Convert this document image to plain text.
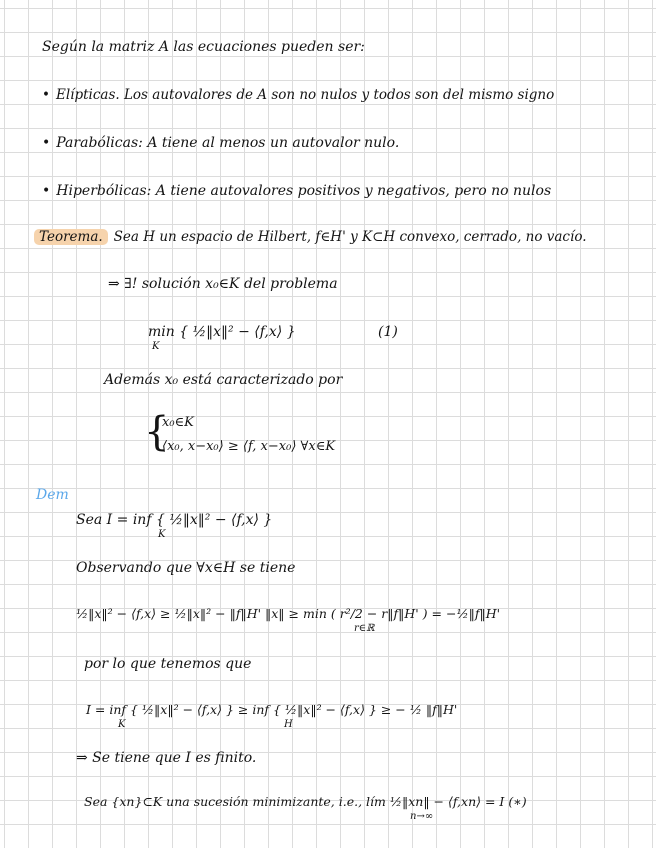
Según la matriz A las ecuaciones pueden ser:
• Elípticas. Los autovalores de A son no nulos y todos son del mismo signo
• Parabólicas: A tiene al menos un autovalor nulo.
• Hiperbólicas: A tiene autovalores positivos y negativos, pero no nulos
Teorema. Sea H un espacio de Hilbert, f∈H' y K⊂H convexo, cerrado, no vacío.
⇒ ∃! solución x₀∈K del problema
min { ½‖x‖² − ⟨f,x⟩ }
K
(1)
Además x₀ está caracterizado por
{
x₀∈K
⟨x₀, x−x₀⟩ ≥ ⟨f, x−x₀⟩ ∀x∈K
Dem
Sea I = inf { ½‖x‖² − ⟨f,x⟩ }
K
Observando que ∀x∈H se tiene
½‖x‖² − ⟨f,x⟩ ≥ ½‖x‖² − ‖f‖H' ‖x‖ ≥ min ( r²/2 − r‖f‖H' ) = −½‖f‖H'
r∈ℝ
por lo que tenemos que
I = inf { ½‖x‖² − ⟨f,x⟩ } ≥ inf { ½‖x‖² − ⟨f,x⟩ } ≥ − ½ ‖f‖H'
K	H
⇒ Se tiene que I es finito.
Sea {xn}⊂K una sucesión minimizante, i.e., lím ½‖xn‖ − ⟨f,xn⟩ = I (∗)
n→∞
